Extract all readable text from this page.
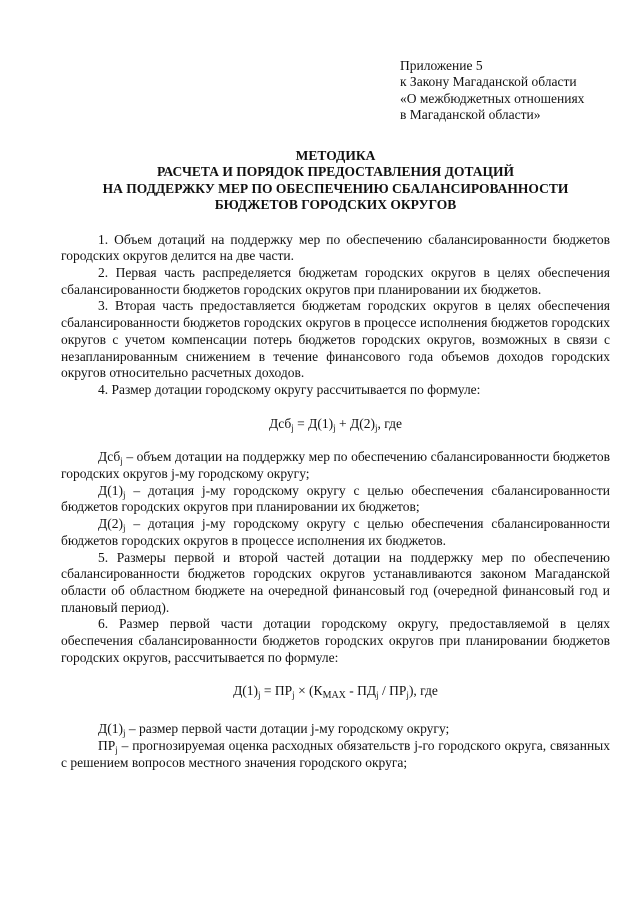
Приложение 5
к Закону Магаданской области
«О межбюджетных отношениях
в Магаданской области»
МЕТОДИКА
РАСЧЕТА И ПОРЯДОК ПРЕДОСТАВЛЕНИЯ ДОТАЦИЙ
НА ПОДДЕРЖКУ МЕР ПО ОБЕСПЕЧЕНИЮ СБАЛАНСИРОВАННОСТИ
БЮДЖЕТОВ ГОРОДСКИХ ОКРУГОВ

1. Объем дотаций на поддержку мер по обеспечению сбалансированности бюджетов городских округов делится на две части.

2. Первая часть распределяется бюджетам городских округов в целях обеспечения сбалансированности бюджетов городских округов при планировании их бюджетов.

3. Вторая часть предоставляется бюджетам городских округов в целях обеспечения сбалансированности бюджетов городских округов в процессе исполнения бюджетов городских округов с учетом компенсации потерь бюджетов городских округов, возможных в связи с незапланированным снижением в течение финансового года объемов доходов городских округов относительно расчетных доходов.

4. Размер дотации городскому округу рассчитывается по формуле:

$Дсб_j = Д(1)_j + Д(2)_j$, где

Дсб$_j$ – объем дотации на поддержку мер по обеспечению сбалансированности бюджетов городских округов j-му городскому округу;

$Д(1)_j$ – дотация j-му городскому округу с целью обеспечения сбалансированности бюджетов городских округов при планировании их бюджетов;

$Д(2)_j$ – дотация j-му городскому округу с целью обеспечения сбалансированности бюджетов городских округов в процессе исполнения их бюджетов.

5. Размеры первой и второй частей дотации на поддержку мер по обеспечению сбалансированности бюджетов городских округов устанавливаются законом Магаданской области об областном бюджете на очередной финансовый год (очередной финансовый год и плановый период).

6. Размер первой части дотации городскому округу, предоставляемой в целях обеспечения сбалансированности бюджетов городских округов при планировании бюджетов городских округов, рассчитывается по формуле:

$Д(1)_j = ПР_j \times (К_{MAX} - ПД_j / ПР_j)$, где

$Д(1)_j$ – размер первой части дотации j-му городскому округу;

$ПР_j$ – прогнозируемая оценка расходных обязательств j-го городского округа, связанных с решением вопросов местного значения городского округа;
